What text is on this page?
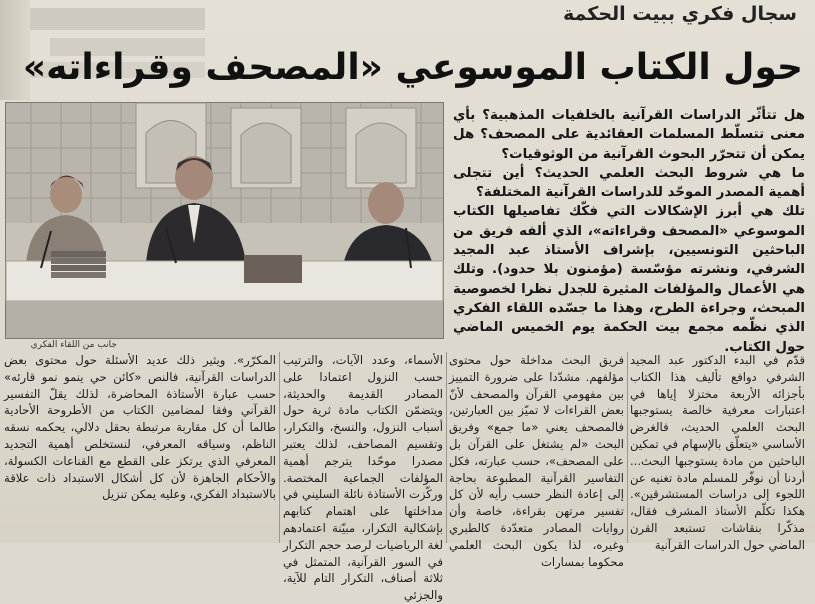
سجال فكري ببيت الحكمة
حول الكتاب الموسوعي «المصحف وقراءاته»
جانب من اللقاء الفكري

هل تتأثّر الدراسات القرآنية بالخلفيات المذهبية؟ بأي معنى تتسلّط المسلمات العقائدية على المصحف؟ هل يمكن أن تتحرّر البحوث القرآنية من الوثوقيات؟

ما هي شروط البحث العلمي الحديث؟ أين تتجلى أهمية المصدر الموحّد للدراسات القرآنية المختلفة؟

تلك هي أبرز الإشكالات التي فكّك تفاصيلها الكتاب الموسوعي «المصحف وقراءاته»، الذي ألفه فريق من الباحثين التونسيين، بإشراف الأستاذ عبد المجيد الشرفي، ونشرته مؤسّسة (مؤمنون بلا حدود). وتلك هي الأعمال والمؤلفات المثيرة للجدل نظرا لخصوصية المبحث، وجراءة الطرح، وهذا ما جسّده اللقاء الفكري الذي نظّمه مجمع بيت الحكمة يوم الخميس الماضي حول الكتاب.

قدّم في البدء الدكتور عبد المجيد الشرفي دوافع تأليف هذا الكتاب بأجزائه الأربعة مختزلا إياها في اعتبارات معرفية خالصة يستوجبها البحث العلمي الحديث، فالغرض الأساسي «يتعلّق بالإسهام في تمكين الباحثين من مادة يستوجبها البحث... أردنا أن نوفّر للمسلم مادة تغنيه عن اللجوء إلى دراسات المستشرقين». هكذا تكلّم الأستاذ المشرف فقال، مذكّرا بنقاشات تستبعد القرن الماضي حول الدراسات القرآنية

فريق البحث مداخلة حول محتوى مؤلفهم. مشدّدا على ضرورة التمييز بين مفهومي القرآن والمصحف لأنّ بعض القراءات لا تميّز بين العبارتين، فالمصحف يعني «ما جمع» وفريق البحث «لم يشتغل على القرآن بل على المصحف»، حسب عبارته، فكل التفاسير القرآنية المطبوعة بحاجة إلى إعادة النظر حسب رأيه لأن كل تفسير مرتهن بقراءة، خاصة وأن روايات المصادر متعدّدة كالطبري وغيره، لذا يكون البحث العلمي محكوما بمسارات

الأسماء، وعدد الآيات، والترتيب حسب النزول اعتمادا على المصادر القديمة والحديثة، ويتضمّن الكتاب مادة ثرية حول أسباب النزول، والنسخ، والتكرار، وتقسيم المصاحف، لذلك يعتبر مصدرا موحّدا يترجم أهمية المؤلفات الجماعية المختصة. وركّزت الأستاذة نائلة السليني في مداخلتها على اهتمام كتابهم بإشكالية التكرار، مبيّنة اعتمادهم لغة الرياضيات لرصد حجم التكرار في السور القرآنية، المتمثل في ثلاثة أصناف، التكرار التام للآية، والجزئي

المكرّر». ويثير ذلك عديد الأسئلة حول محتوى بعض الدراسات القرآنية، فالنص «كائن حي ينمو نمو قارئه» حسب عبارة الأستاذة المحاضرة، لذلك يقلّ التفسير القرآني وفقا لمضامين الكتاب من الأطروحة الأحادية طالما أن كل مقاربة مرتبطة بحقل دلالي، يحكمه نسقه الناظم، وسياقه المعرفي، لنستخلص أهمية التجديد المعرفي الذي يرتكز على القطع مع القناعات الكسولة، والأحكام الجاهزة لأن كل أشكال الاستبداد ذات علاقة بالاستبداد الفكري، وعليه يمكن تنزيل
